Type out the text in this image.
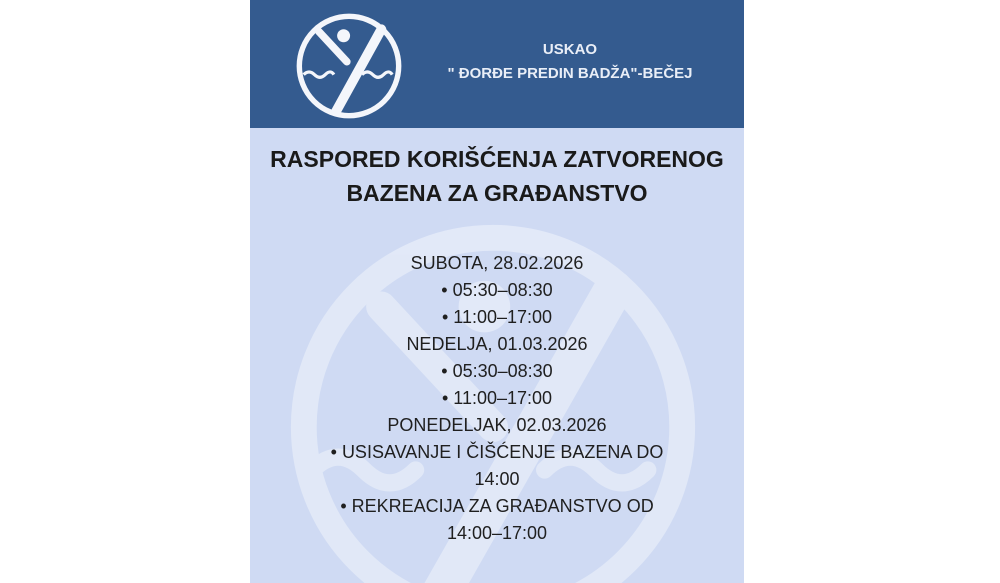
USKAO
" ĐORĐE PREDIN BADŽA"-BEČEJ
RASPORED KORIŠĆENJA ZATVORENOG
BAZENA ZA GRAĐANSTVO
SUBOTA, 28.02.2026
• 05:30–08:30
• 11:00–17:00
NEDELJA, 01.03.2026
• 05:30–08:30
• 11:00–17:00
PONEDELJAK, 02.03.2026
• USISAVANJE I ČIŠĆENJE BAZENA DO
14:00
• REKREACIJA ZA GRAĐANSTVO OD
14:00–17:00
